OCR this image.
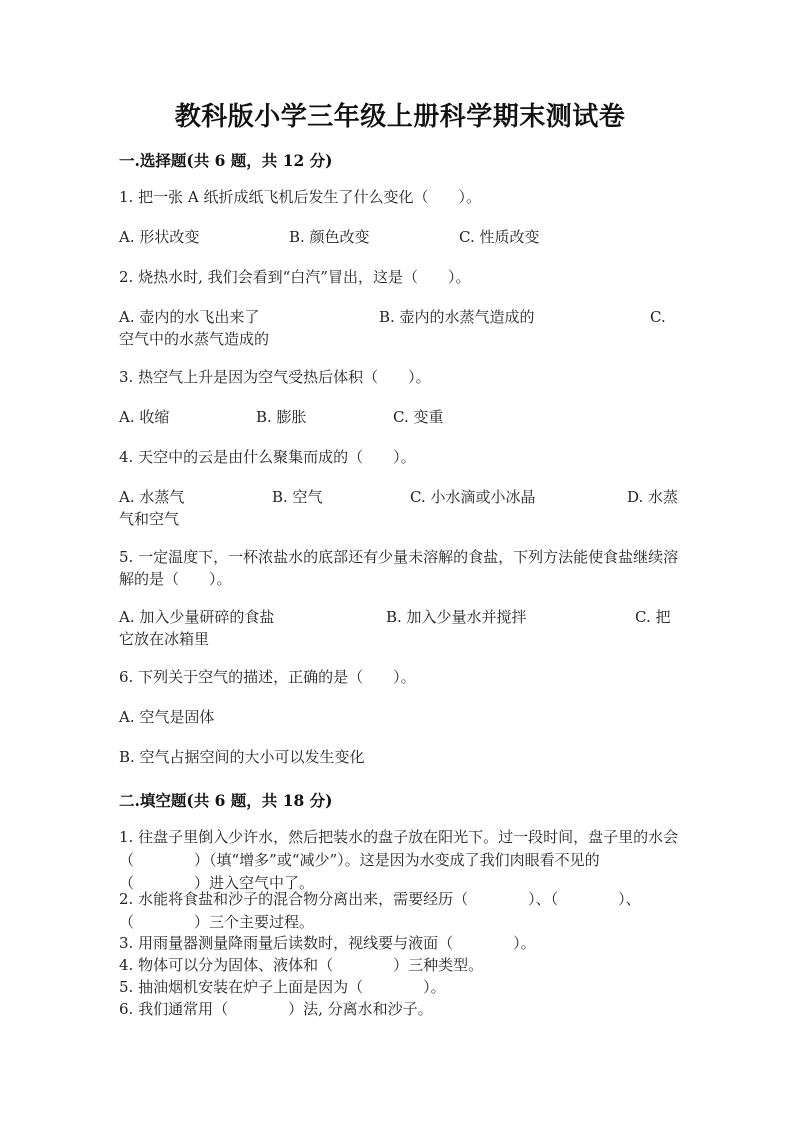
教科版小学三年级上册科学期末测试卷
一.选择题(共 6 题，共 12 分)
1. 把一张 A 纸折成纸飞机后发生了什么变化（　　）。
A. 形状改变	B. 颜色改变	C. 性质改变
2. 烧热水时, 我们会看到“白汽”冒出，这是（　　）。
A. 壶内的水飞出来了	B. 壶内的水蒸气造成的	C.
空气中的水蒸气造成的
3. 热空气上升是因为空气受热后体积（　　）。
A. 收缩	B. 膨胀	C. 变重
4. 天空中的云是由什么聚集而成的（　　）。
A. 水蒸气	B. 空气	C. 小水滴或小冰晶	D. 水蒸
气和空气
5. 一定温度下，一杯浓盐水的底部还有少量未溶解的食盐，下列方法能使食盐继续溶解的是（　　）。
A. 加入少量研碎的食盐	B. 加入少量水并搅拌	C. 把
它放在冰箱里
6. 下列关于空气的描述，正确的是（　　）。
A. 空气是固体
B. 空气占据空间的大小可以发生变化
二.填空题(共 6 题，共 18 分)
1. 往盘子里倒入少许水，然后把装水的盘子放在阳光下。过一段时间，盘子里的水会（　　　　）（填“增多”或“减少”）。这是因为水变成了我们肉眼看不见的（　　　　）进入空气中了。
2. 水能将食盐和沙子的混合物分离出来，需要经历（　　　　）、（　　　　）、（　　　　）三个主要过程。
3. 用雨量器测量降雨量后读数时，视线要与液面（　　　　）。
4. 物体可以分为固体、液体和（　　　　）三种类型。
5. 抽油烟机安装在炉子上面是因为（　　　　）。
6. 我们通常用（　　　　）法, 分离水和沙子。
